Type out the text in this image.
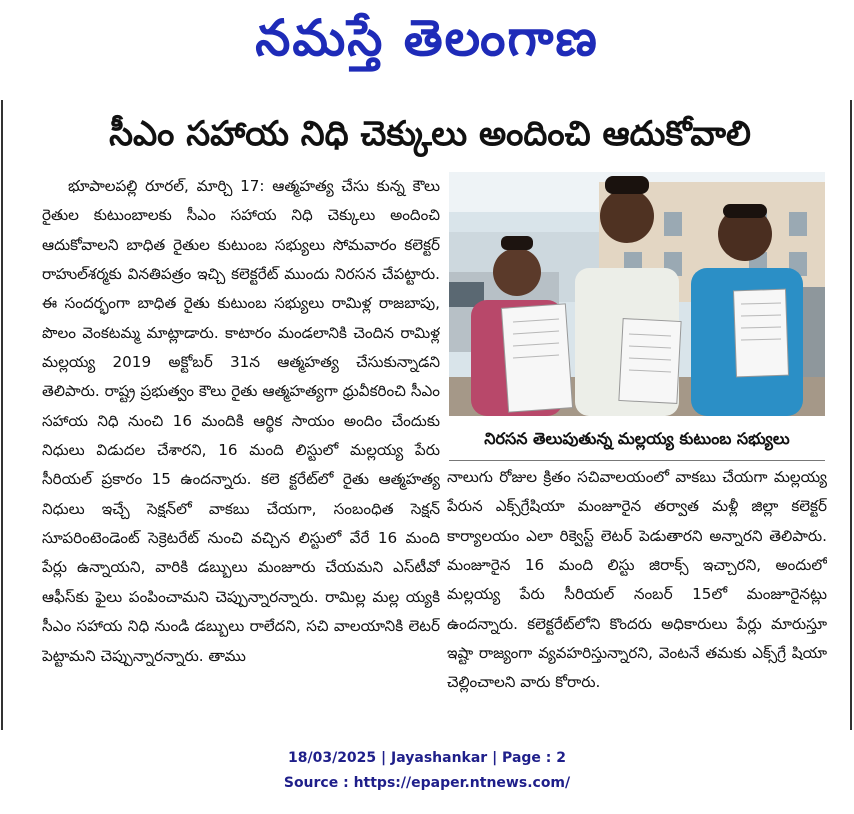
నమస్తే తెలంగాణ
సీఎం సహాయ నిధి చెక్కులు అందించి ఆదుకోవాలి
భూపాలపల్లి రూరల్, మార్చి 17: ఆత్మహత్య చేసు కున్న కౌలు రైతుల కుటుంబాలకు సీఎం సహాయ నిధి చెక్కులు అందించి ఆదుకోవాలని బాధిత రైతుల కుటుంబ సభ్యులు సోమవారం కలెక్టర్ రాహుల్‌శర్మకు వినతిపత్రం ఇచ్చి కలెక్టరేట్ ముందు నిరసన చేపట్టారు. ఈ సందర్భంగా బాధిత రైతు కుటుంబ సభ్యులు రామిళ్ల రాజబాపు, పొలం వెంకటమ్మ మాట్లాడారు. కాటారం మండలానికి చెందిన రామిళ్ల మల్లయ్య 2019 అక్టోబర్ 31న ఆత్మహత్య చేసుకున్నాడని తెలిపారు. రాష్ట్ర ప్రభుత్వం కౌలు రైతు ఆత్మహత్యగా ధ్రువీకరించి సీఎం సహాయ నిధి నుంచి 16 మందికి ఆర్థిక సాయం అందిం చేందుకు నిధులు విడుదల చేశారని, 16 మంది లిస్టులో మల్లయ్య పేరు సీరియల్ ప్రకారం 15 ఉందన్నారు. కలె క్టరేట్‌లో రైతు ఆత్మహత్య నిధులు ఇచ్చే సెక్షన్‌లో వాకబు చేయగా, సంబంధిత సెక్షన్ సూపరింటెండెంట్ సెక్రెటరేట్ నుంచి వచ్చిన లిస్టులో వేరే 16 మంది పేర్లు ఉన్నాయని, వారికి డబ్బులు మంజూరు చేయమని ఎస్‌టీవో ఆఫీస్‌కు ఫైలు పంపించామని చెప్పున్నారన్నారు. రామిల్ల మల్ల య్యకి సీఎం సహాయ నిధి నుండి డబ్బులు రాలేదని, సచి వాలయానికి లెటర్ పెట్టామని చెప్పున్నారన్నారు. తాము
నిరసన తెలుపుతున్న మల్లయ్య కుటుంబ సభ్యులు
నాలుగు రోజుల క్రితం సచివాలయంలో వాకబు చేయగా మల్లయ్య పేరున ఎక్స్‌గ్రేషియా మంజూరైన తర్వాత మళ్లీ జిల్లా కలెక్టర్ కార్యాలయం ఎలా రిక్వెస్ట్ లెటర్ పెడుతారని అన్నారని తెలిపారు. మంజూరైన 16 మంది లిస్టు జిరాక్స్ ఇచ్చారని, అందులో మల్లయ్య పేరు సీరియల్ నంబర్ 15లో మంజూరైనట్లు ఉందన్నారు. కలెక్టరేట్‌లోని కొందరు అధికారులు పేర్లు మారుస్తూ ఇష్టా రాజ్యంగా వ్యవహరిస్తున్నారని, వెంటనే తమకు ఎక్స్‌గ్రే షియా చెల్లించాలని వారు కోరారు.
18/03/2025 | Jayashankar | Page : 2
Source : https://epaper.ntnews.com/
